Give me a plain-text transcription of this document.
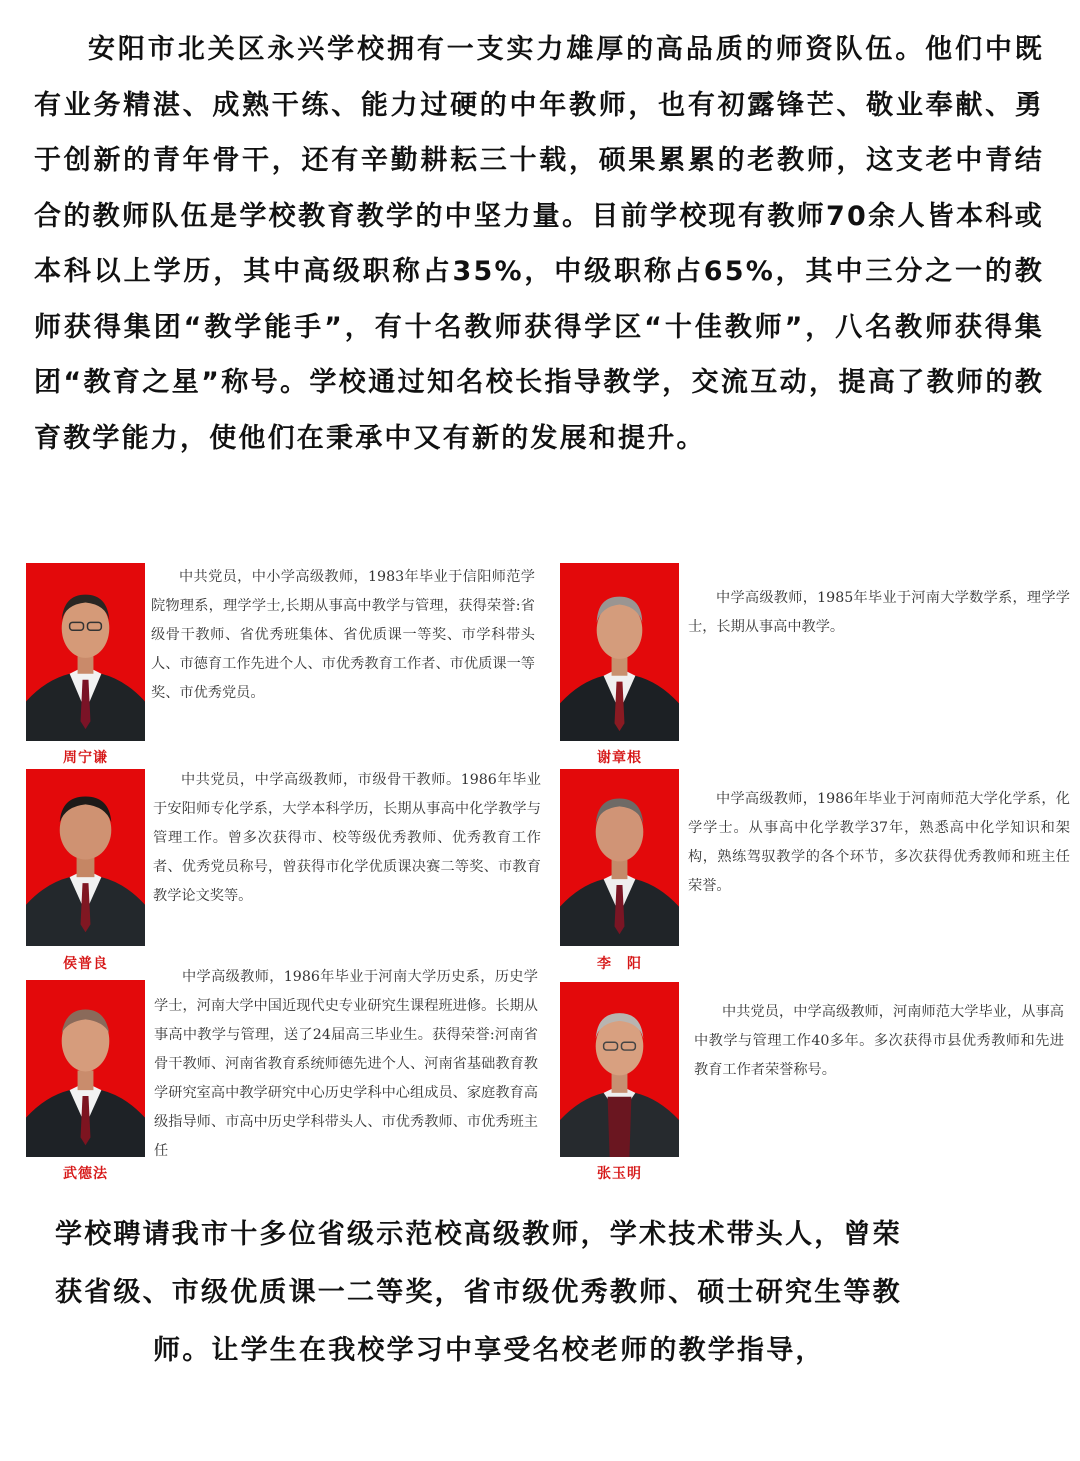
安阳市北关区永兴学校拥有一支实力雄厚的高品质的师资队伍。他们中既有业务精湛、成熟干练、能力过硬的中年教师，也有初露锋芒、敬业奉献、勇于创新的青年骨干，还有辛勤耕耘三十载，硕果累累的老教师，这支老中青结合的教师队伍是学校教育教学的中坚力量。目前学校现有教师70余人皆本科或本科以上学历，其中高级职称占35%，中级职称占65%，其中三分之一的教师获得集团“教学能手”，有十名教师获得学区“十佳教师”，八名教师获得集团“教育之星”称号。学校通过知名校长指导教学，交流互动，提高了教师的教育教学能力，使他们在秉承中又有新的发展和提升。

周宁谦

中共党员，中小学高级教师，1983年毕业于信阳师范学院物理系，理学学士,长期从事高中教学与管理，获得荣誉:省级骨干教师、省优秀班集体、省优质课一等奖、市学科带头人、市德育工作先进个人、市优秀教育工作者、市优质课一等奖、市优秀党员。

谢章根

中学高级教师，1985年毕业于河南大学数学系，理学学士，长期从事高中教学。

侯普良

中共党员，中学高级教师，市级骨干教师。1986年毕业于安阳师专化学系，大学本科学历，长期从事高中化学教学与管理工作。曾多次获得市、校等级优秀教师、优秀教育工作者、优秀党员称号，曾获得市化学优质课决赛二等奖、市教育教学论文奖等。

李　阳

中学高级教师，1986年毕业于河南师范大学化学系，化学学士。从事高中化学教学37年，熟悉高中化学知识和架构，熟练驾驭教学的各个环节，多次获得优秀教师和班主任荣誉。

武德法

中学高级教师，1986年毕业于河南大学历史系，历史学学士，河南大学中国近现代史专业研究生课程班进修。长期从事高中教学与管理，送了24届高三毕业生。获得荣誉:河南省骨干教师、河南省教育系统师德先进个人、河南省基础教育教学研究室高中教学研究中心历史学科中心组成员、家庭教育高级指导师、市高中历史学科带头人、市优秀教师、市优秀班主任

张玉明

中共党员，中学高级教师，河南师范大学毕业，从事高中教学与管理工作40多年。多次获得市县优秀教师和先进教育工作者荣誉称号。

学校聘请我市十多位省级示范校高级教师，学术技术带头人，曾荣
获省级、市级优质课一二等奖，省市级优秀教师、硕士研究生等教
师。让学生在我校学习中享受名校老师的教学指导，
